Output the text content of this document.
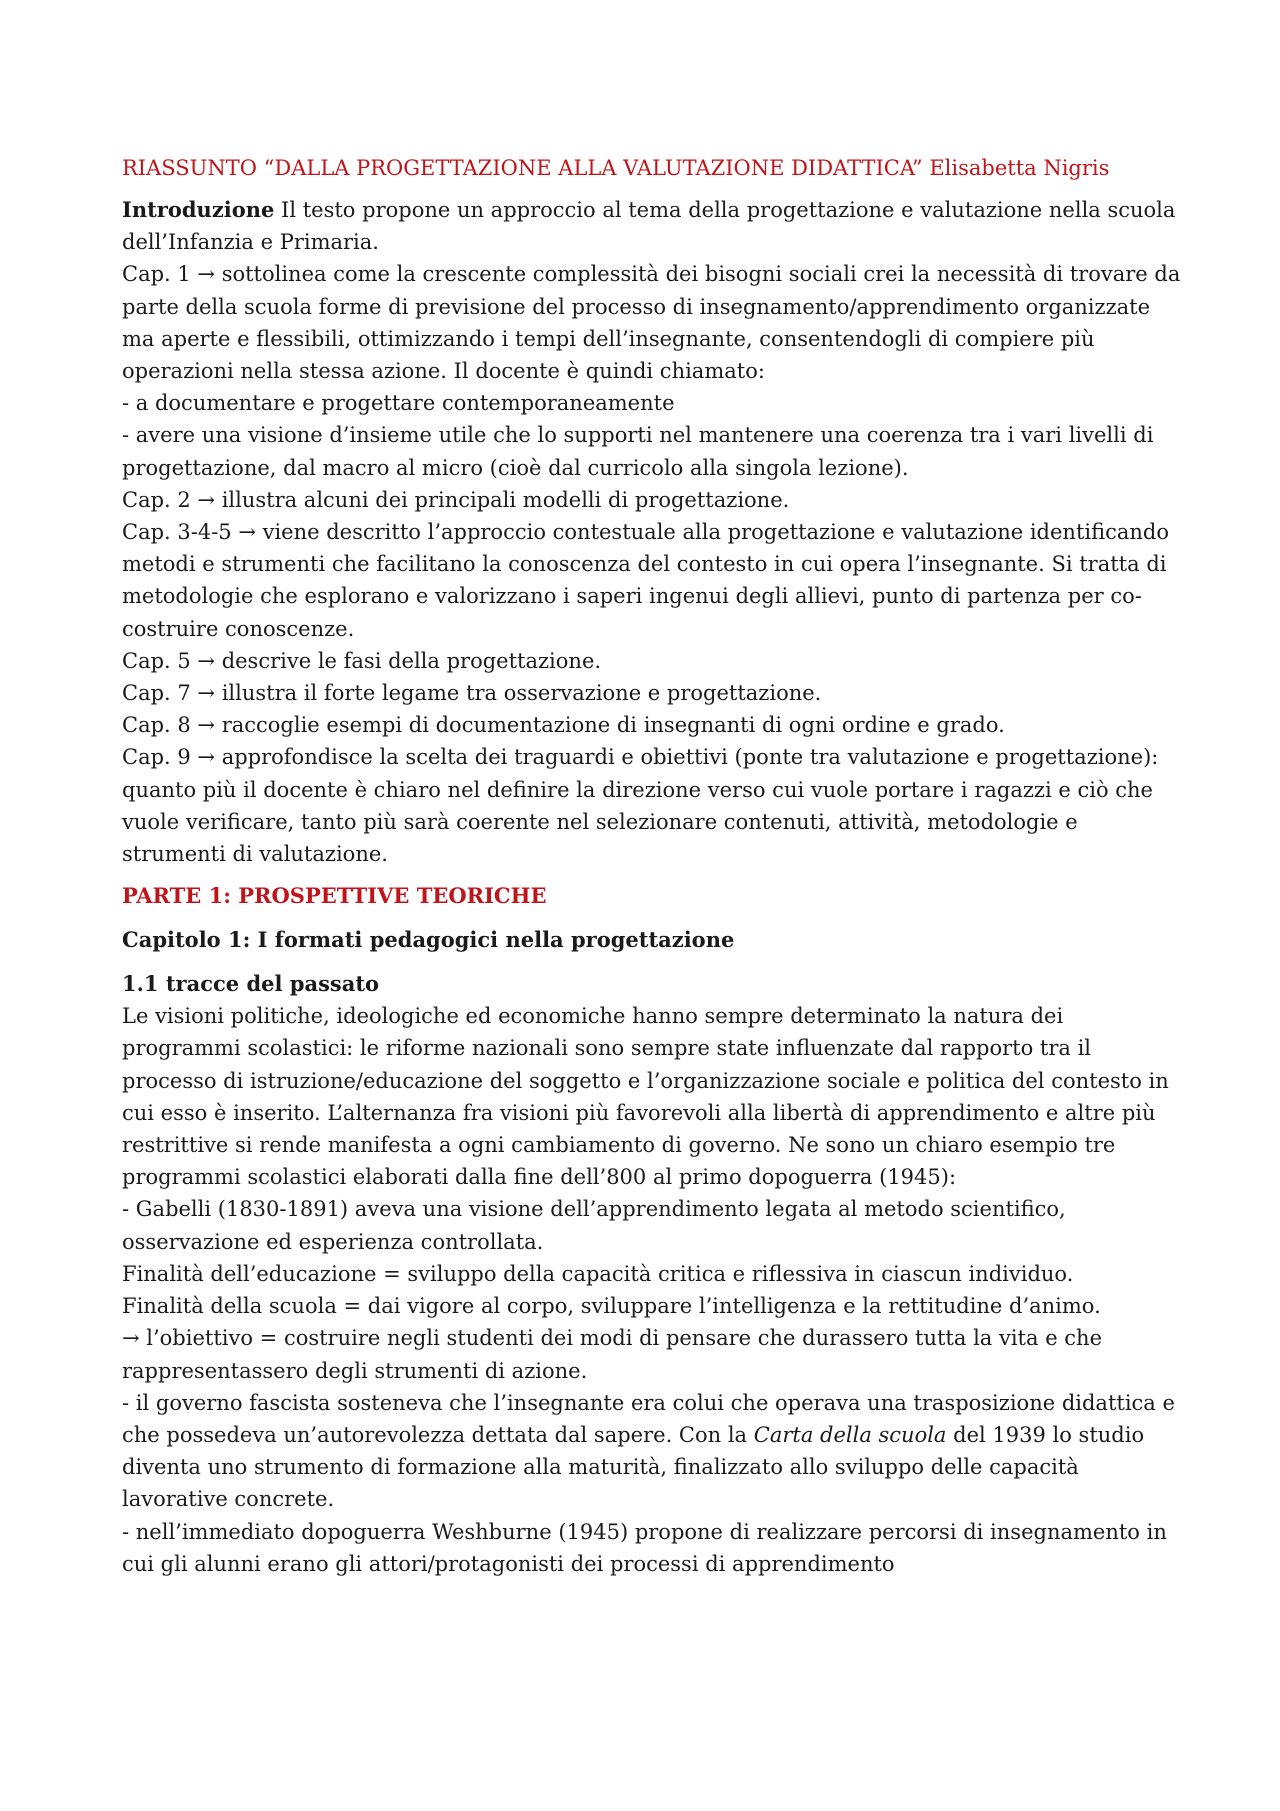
RIASSUNTO “DALLA PROGETTAZIONE ALLA VALUTAZIONE DIDATTICA” Elisabetta Nigris

Introduzione Il testo propone un approccio al tema della progettazione e valutazione nella scuola dell’Infanzia e Primaria.

Cap. 1 → sottolinea come la crescente complessità dei bisogni sociali crei la necessità di trovare da parte della scuola forme di previsione del processo di insegnamento/apprendimento organizzate ma aperte e flessibili, ottimizzando i tempi dell’insegnante, consentendogli di compiere più operazioni nella stessa azione. Il docente è quindi chiamato:
- a documentare e progettare contemporaneamente
- avere una visione d’insieme utile che lo supporti nel mantenere una coerenza tra i vari livelli di progettazione, dal macro al micro (cioè dal curricolo alla singola lezione).
Cap. 2 → illustra alcuni dei principali modelli di progettazione.
Cap. 3-4-5 → viene descritto l’approccio contestuale alla progettazione e valutazione identificando metodi e strumenti che facilitano la conoscenza del contesto in cui opera l’insegnante. Si tratta di metodologie che esplorano e valorizzano i saperi ingenui degli allievi, punto di partenza per co-costruire conoscenze.
Cap. 5 → descrive le fasi della progettazione.
Cap. 7 → illustra il forte legame tra osservazione e progettazione.
Cap. 8 → raccoglie esempi di documentazione di insegnanti di ogni ordine e grado.
Cap. 9 → approfondisce la scelta dei traguardi e obiettivi (ponte tra valutazione e progettazione): quanto più il docente è chiaro nel definire la direzione verso cui vuole portare i ragazzi e ciò che vuole verificare, tanto più sarà coerente nel selezionare contenuti, attività, metodologie e strumenti di valutazione.

PARTE 1: PROSPETTIVE TEORICHE

Capitolo 1: I formati pedagogici nella progettazione

1.1 tracce del passato

Le visioni politiche, ideologiche ed economiche hanno sempre determinato la natura dei programmi scolastici: le riforme nazionali sono sempre state influenzate dal rapporto tra il processo di istruzione/educazione del soggetto e l’organizzazione sociale e politica del contesto in cui esso è inserito. L’alternanza fra visioni più favorevoli alla libertà di apprendimento e altre più restrittive si rende manifesta a ogni cambiamento di governo. Ne sono un chiaro esempio tre programmi scolastici elaborati dalla fine dell’800 al primo dopoguerra (1945):
- Gabelli (1830-1891) aveva una visione dell’apprendimento legata al metodo scientifico, osservazione ed esperienza controllata.
Finalità dell’educazione = sviluppo della capacità critica e riflessiva in ciascun individuo.
Finalità della scuola = dai vigore al corpo, sviluppare l’intelligenza e la rettitudine d’animo.
→ l’obiettivo = costruire negli studenti dei modi di pensare che durassero tutta la vita e che rappresentassero degli strumenti di azione.
- il governo fascista sosteneva che l’insegnante era colui che operava una trasposizione didattica e che possedeva un’autorevolezza dettata dal sapere. Con la Carta della scuola del 1939 lo studio diventa uno strumento di formazione alla maturità, finalizzato allo sviluppo delle capacità lavorative concrete.
- nell’immediato dopoguerra Weshburne (1945) propone di realizzare percorsi di insegnamento in cui gli alunni erano gli attori/protagonisti dei processi di apprendimento
